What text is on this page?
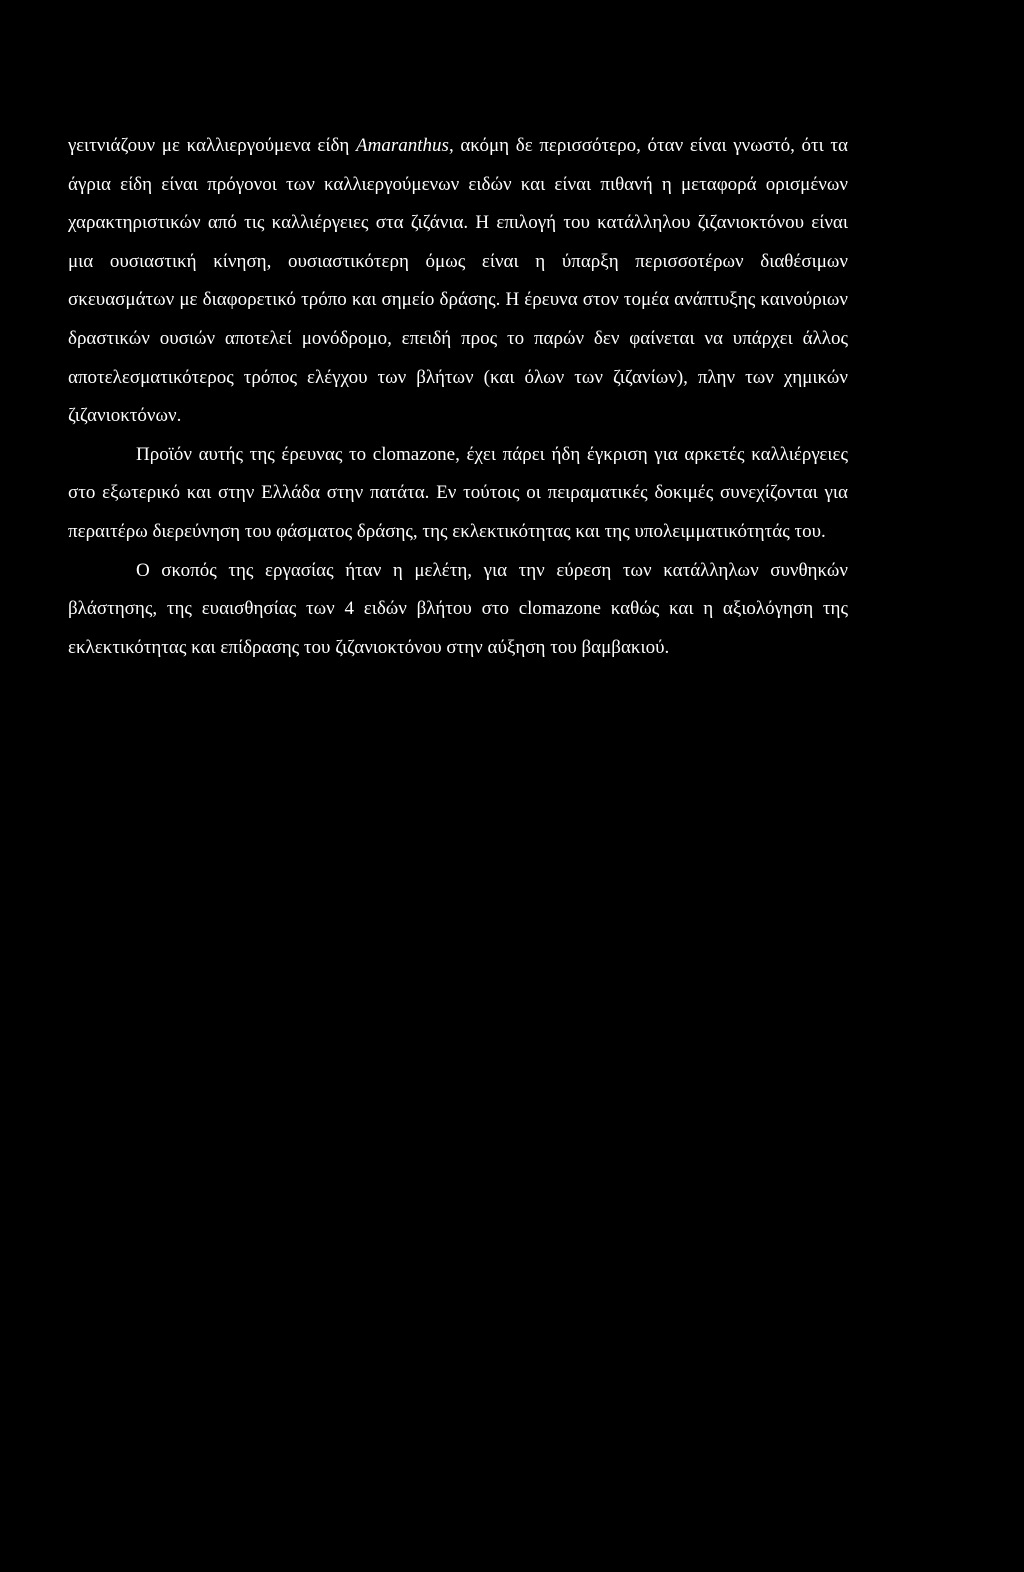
γειτνιάζουν με καλλιεργούμενα είδη Amaranthus, ακόμη δε περισσότερο, όταν είναι γνωστό, ότι τα άγρια είδη είναι πρόγονοι των καλλιεργούμενων ειδών και είναι πιθανή η μεταφορά ορισμένων χαρακτηριστικών από τις καλλιέργειες στα ζιζάνια. Η επιλογή του κατάλληλου ζιζανιοκτόνου είναι μια ουσιαστική κίνηση, ουσιαστικότερη όμως είναι η ύπαρξη περισσοτέρων διαθέσιμων σκευασμάτων με διαφορετικό τρόπο και σημείο δράσης. Η έρευνα στον τομέα ανάπτυξης καινούριων δραστικών ουσιών αποτελεί μονόδρομο, επειδή προς το παρών δεν φαίνεται να υπάρχει άλλος αποτελεσματικότερος τρόπος ελέγχου των βλήτων (και όλων των ζιζανίων), πλην των χημικών ζιζανιοκτόνων.

Προϊόν αυτής της έρευνας το clomazone, έχει πάρει ήδη έγκριση για αρκετές καλλιέργειες στο εξωτερικό και στην Ελλάδα στην πατάτα. Εν τούτοις οι πειραματικές δοκιμές συνεχίζονται για περαιτέρω διερεύνηση του φάσματος δράσης, της εκλεκτικότητας και της υπολειμματικότητάς του.

Ο σκοπός της εργασίας ήταν η μελέτη, για την εύρεση των κατάλληλων συνθηκών βλάστησης, της ευαισθησίας των 4 ειδών βλήτου στο clomazone καθώς και η αξιολόγηση της εκλεκτικότητας και επίδρασης του ζιζανιοκτόνου στην αύξηση του βαμβακιού.
